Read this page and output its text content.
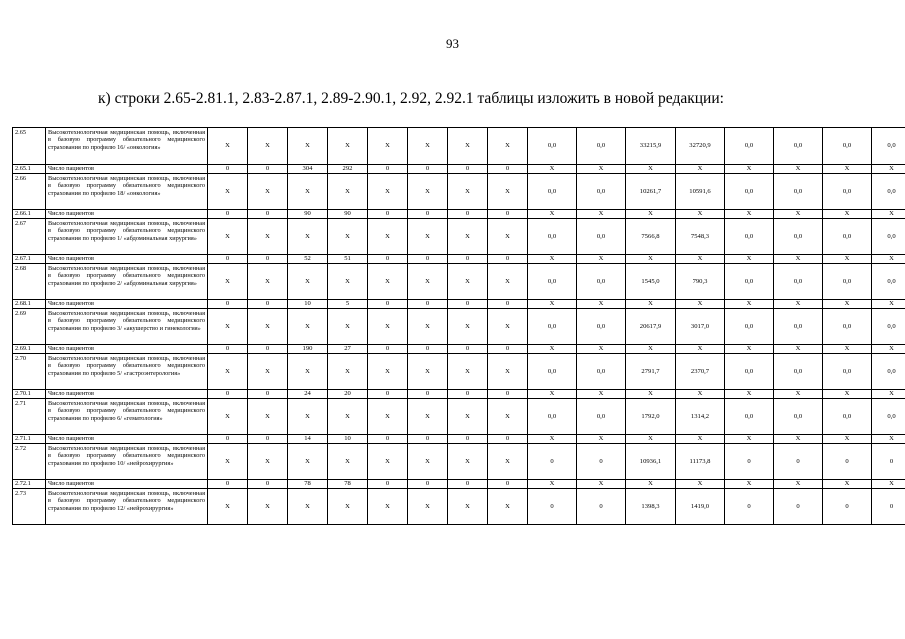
93
к) строки 2.65-2.81.1, 2.83-2.87.1, 2.89-2.90.1, 2.92, 2.92.1 таблицы изложить в новой редакции:
2.65	Высокотехнологичная медицинская помощь, включенная в базовую программу обязательного медицинского страхования по профилю 16/ «онкология»	X	X	X	X	X	X	X	X	0,0	0,0	33215,9	32720,9	0,0	0,0	0,0	0,0	
2.65.1	Число пациентов	0	0	304	292	0	0	0	0	X	X	X	X	X	X	X	X	
2.66	Высокотехнологичная медицинская помощь, включенная в базовую программу обязательного медицинского страхования по профилю 18/ «онкология»	X	X	X	X	X	X	X	X	0,0	0,0	10261,7	10591,6	0,0	0,0	0,0	0,0	
2.66.1	Число пациентов	0	0	90	90	0	0	0	0	X	X	X	X	X	X	X	X	
2.67	Высокотехнологичная медицинская помощь, включенная в базовую программу обязательного медицинского страхования по профилю 1/ «абдоминальная хирургия»	X	X	X	X	X	X	X	X	0,0	0,0	7566,8	7548,3	0,0	0,0	0,0	0,0	
2.67.1	Число пациентов	0	0	52	51	0	0	0	0	X	X	X	X	X	X	X	X	
2.68	Высокотехнологичная медицинская помощь, включенная в базовую программу обязательного медицинского страхования по профилю 2/ «абдоминальная хирургия»	X	X	X	X	X	X	X	X	0,0	0,0	1545,0	790,3	0,0	0,0	0,0	0,0	
2.68.1	Число пациентов	0	0	10	5	0	0	0	0	X	X	X	X	X	X	X	X	
2.69	Высокотехнологичная медицинская помощь, включенная в базовую программу обязательного медицинского страхования по профилю 3/ «акушерство и гинекология»	X	X	X	X	X	X	X	X	0,0	0,0	20617,9	3017,0	0,0	0,0	0,0	0,0	
2.69.1	Число пациентов	0	0	190	27	0	0	0	0	X	X	X	X	X	X	X	X	
2.70	Высокотехнологичная медицинская помощь, включенная в базовую программу обязательного медицинского страхования по профилю 5/ «гастроэнтерология»	X	X	X	X	X	X	X	X	0,0	0,0	2791,7	2370,7	0,0	0,0	0,0	0,0	
2.70.1	Число пациентов	0	0	24	20	0	0	0	0	X	X	X	X	X	X	X	X	
2.71	Высокотехнологичная медицинская помощь, включенная в базовую программу обязательного медицинского страхования по профилю 6/ «гематология»	X	X	X	X	X	X	X	X	0,0	0,0	1792,0	1314,2	0,0	0,0	0,0	0,0	
2.71.1	Число пациентов	0	0	14	10	0	0	0	0	X	X	X	X	X	X	X	X	
2.72	Высокотехнологичная медицинская помощь, включенная в базовую программу обязательного медицинского страхования по профилю 10/ «нейрохирургия»	X	X	X	X	X	X	X	X	0	0	10936,1	11173,8	0	0	0	0	
2.72.1	Число пациентов	0	0	78	78	0	0	0	0	X	X	X	X	X	X	X	X	
2.73	Высокотехнологичная медицинская помощь, включенная в базовую программу обязательного медицинского страхования по профилю 12/ «нейрохирургия»	X	X	X	X	X	X	X	X	0	0	1398,3	1419,0	0	0	0	0	
